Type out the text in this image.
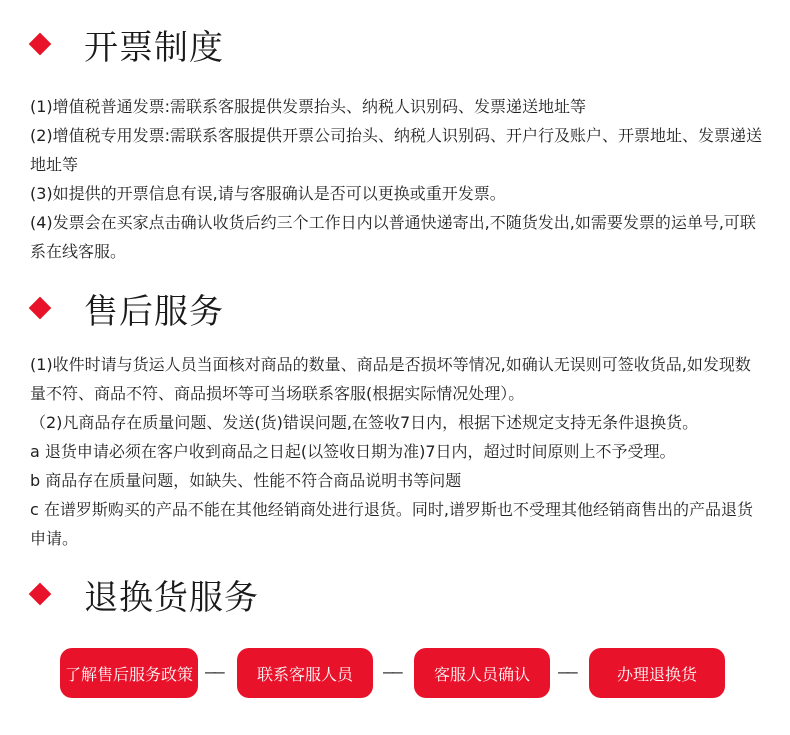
开票制度

(1)增值税普通发票:需联系客服提供发票抬头、纳税人识别码、发票递送地址等

(2)增值税专用发票:需联系客服提供开票公司抬头、纳税人识别码、开户行及账户、开票地址、发票递送地址等

(3)如提供的开票信息有误,请与客服确认是否可以更换或重开发票。

(4)发票会在买家点击确认收货后约三个工作日内以普通快递寄出,不随货发出,如需要发票的运单号,可联系在线客服。

售后服务

(1)收件时请与货运人员当面核对商品的数量、商品是否损坏等情况,如确认无误则可签收货品,如发现数量不符、商品不符、商品损坏等可当场联系客服(根据实际情况处理）。

（2)凡商品存在质量问题、发送(货)错误问题,在签收7日内，根据下述规定支持无条件退换货。

a 退货申请必须在客户收到商品之日起(以签收日期为准)7日内，超过时间原则上不予受理。

b 商品存在质量问题，如缺失、性能不符合商品说明书等问题

c 在谱罗斯购买的产品不能在其他经销商处进行退货。同时,谱罗斯也不受理其他经销商售出的产品退货申请。

退换货服务
了解售后服务政策 ——	联系客服人员	——	客服人员确认	——	办理退换货
